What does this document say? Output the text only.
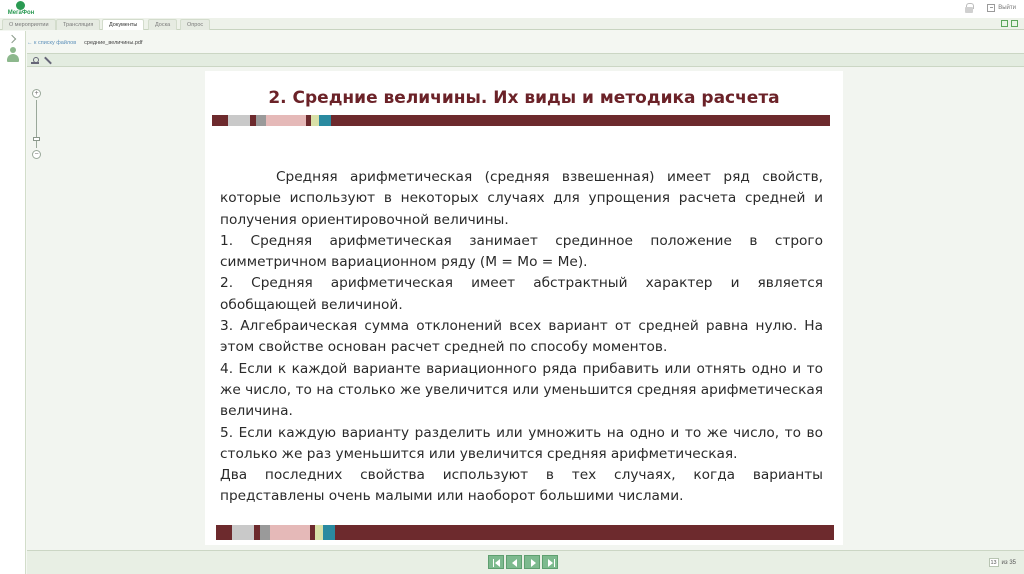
МегаФон
Выйти
О мероприятии	Трансляция	Документы	Доска	Опрос
← к списку файлов средние_величины.pdf
+
−
2. Средние величины. Их виды и методика расчета

Средняя арифметическая (средняя взвешенная) имеет ряд свойств, которые используют в некоторых случаях для упрощения расчета средней и получения ориентировочной величины.

1. Средняя арифметическая занимает срединное положение в строго симметричном вариационном ряду (М = Мо = Ме).

2. Средняя арифметическая имеет абстрактный характер и является обобщающей величиной.

3. Алгебраическая сумма отклонений всех вариант от средней равна нулю. На этом свойстве основан расчет средней по способу моментов.

4. Если к каждой варианте вариационного ряда прибавить или отнять одно и то же число, то на столько же увеличится или уменьшится средняя арифметическая величина.

5. Если каждую варианту разделить или умножить на одно и то же число, то во столько же раз уменьшится или увеличится средняя арифметическая.

Два последних свойства используют в тех случаях, когда варианты представлены очень малыми или наоборот большими числами.

13 из 35
